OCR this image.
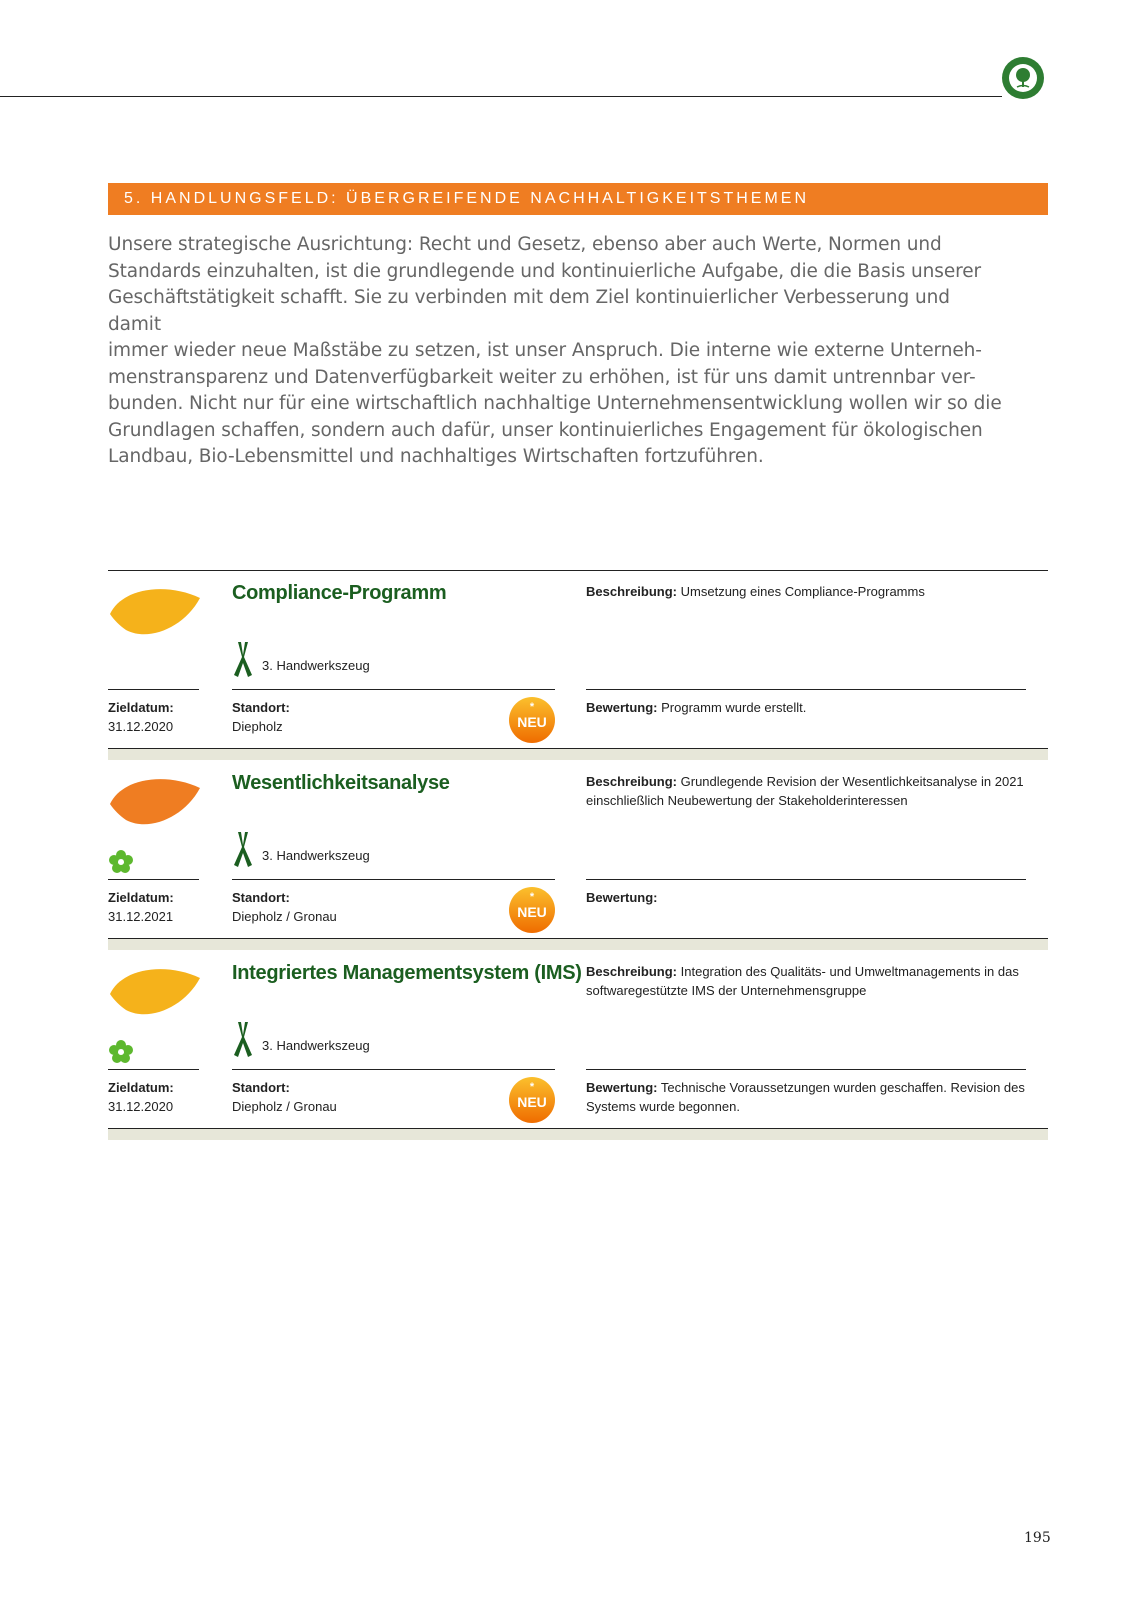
5. HANDLUNGSFELD: ÜBERGREIFENDE NACHHALTIGKEITSTHEMEN

Unsere strategische Ausrichtung: Recht und Gesetz, ebenso aber auch Werte, Normen und
Standards einzuhalten, ist die grundlegende und kontinuierliche Aufgabe, die die Basis unserer
Geschäftstätigkeit schafft. Sie zu verbinden mit dem Ziel kontinuierlicher Verbesserung und damit
immer wieder neue Maßstäbe zu setzen, ist unser Anspruch. Die interne wie externe Unterneh-
menstransparenz und Datenverfügbarkeit weiter zu erhöhen, ist für uns damit untrennbar ver-
bunden. Nicht nur für eine wirtschaftlich nachhaltige Unternehmensentwicklung wollen wir so die
Grundlagen schaffen, sondern auch dafür, unser kontinuierliches Engagement für ökologischen
Landbau, Bio-Lebensmittel und nachhaltiges Wirtschaften fortzuführen.

Compliance-Programm
3. Handwerkszeug
Beschreibung: Umsetzung eines Compliance-Programms
Zieldatum:
31.12.2020
Standort:
Diepholz
*
NEU
Bewertung: Programm wurde erstellt.
Wesentlichkeitsanalyse
3. Handwerkszeug
Beschreibung: Grundlegende Revision der Wesentlichkeitsanalyse in 2021 einschließlich Neubewertung der Stakeholderinteressen
Zieldatum:
31.12.2021
Standort:
Diepholz / Gronau
*
NEU
Bewertung:
Integriertes Managementsystem (IMS)
3. Handwerkszeug
Beschreibung: Integration des Qualitäts- und Umweltmanagements in das softwaregestützte IMS der Unternehmensgruppe
Zieldatum:
31.12.2020
Standort:
Diepholz / Gronau
*
NEU
Bewertung: Technische Voraussetzungen wurden geschaffen. Revision des Systems wurde begonnen.
195
